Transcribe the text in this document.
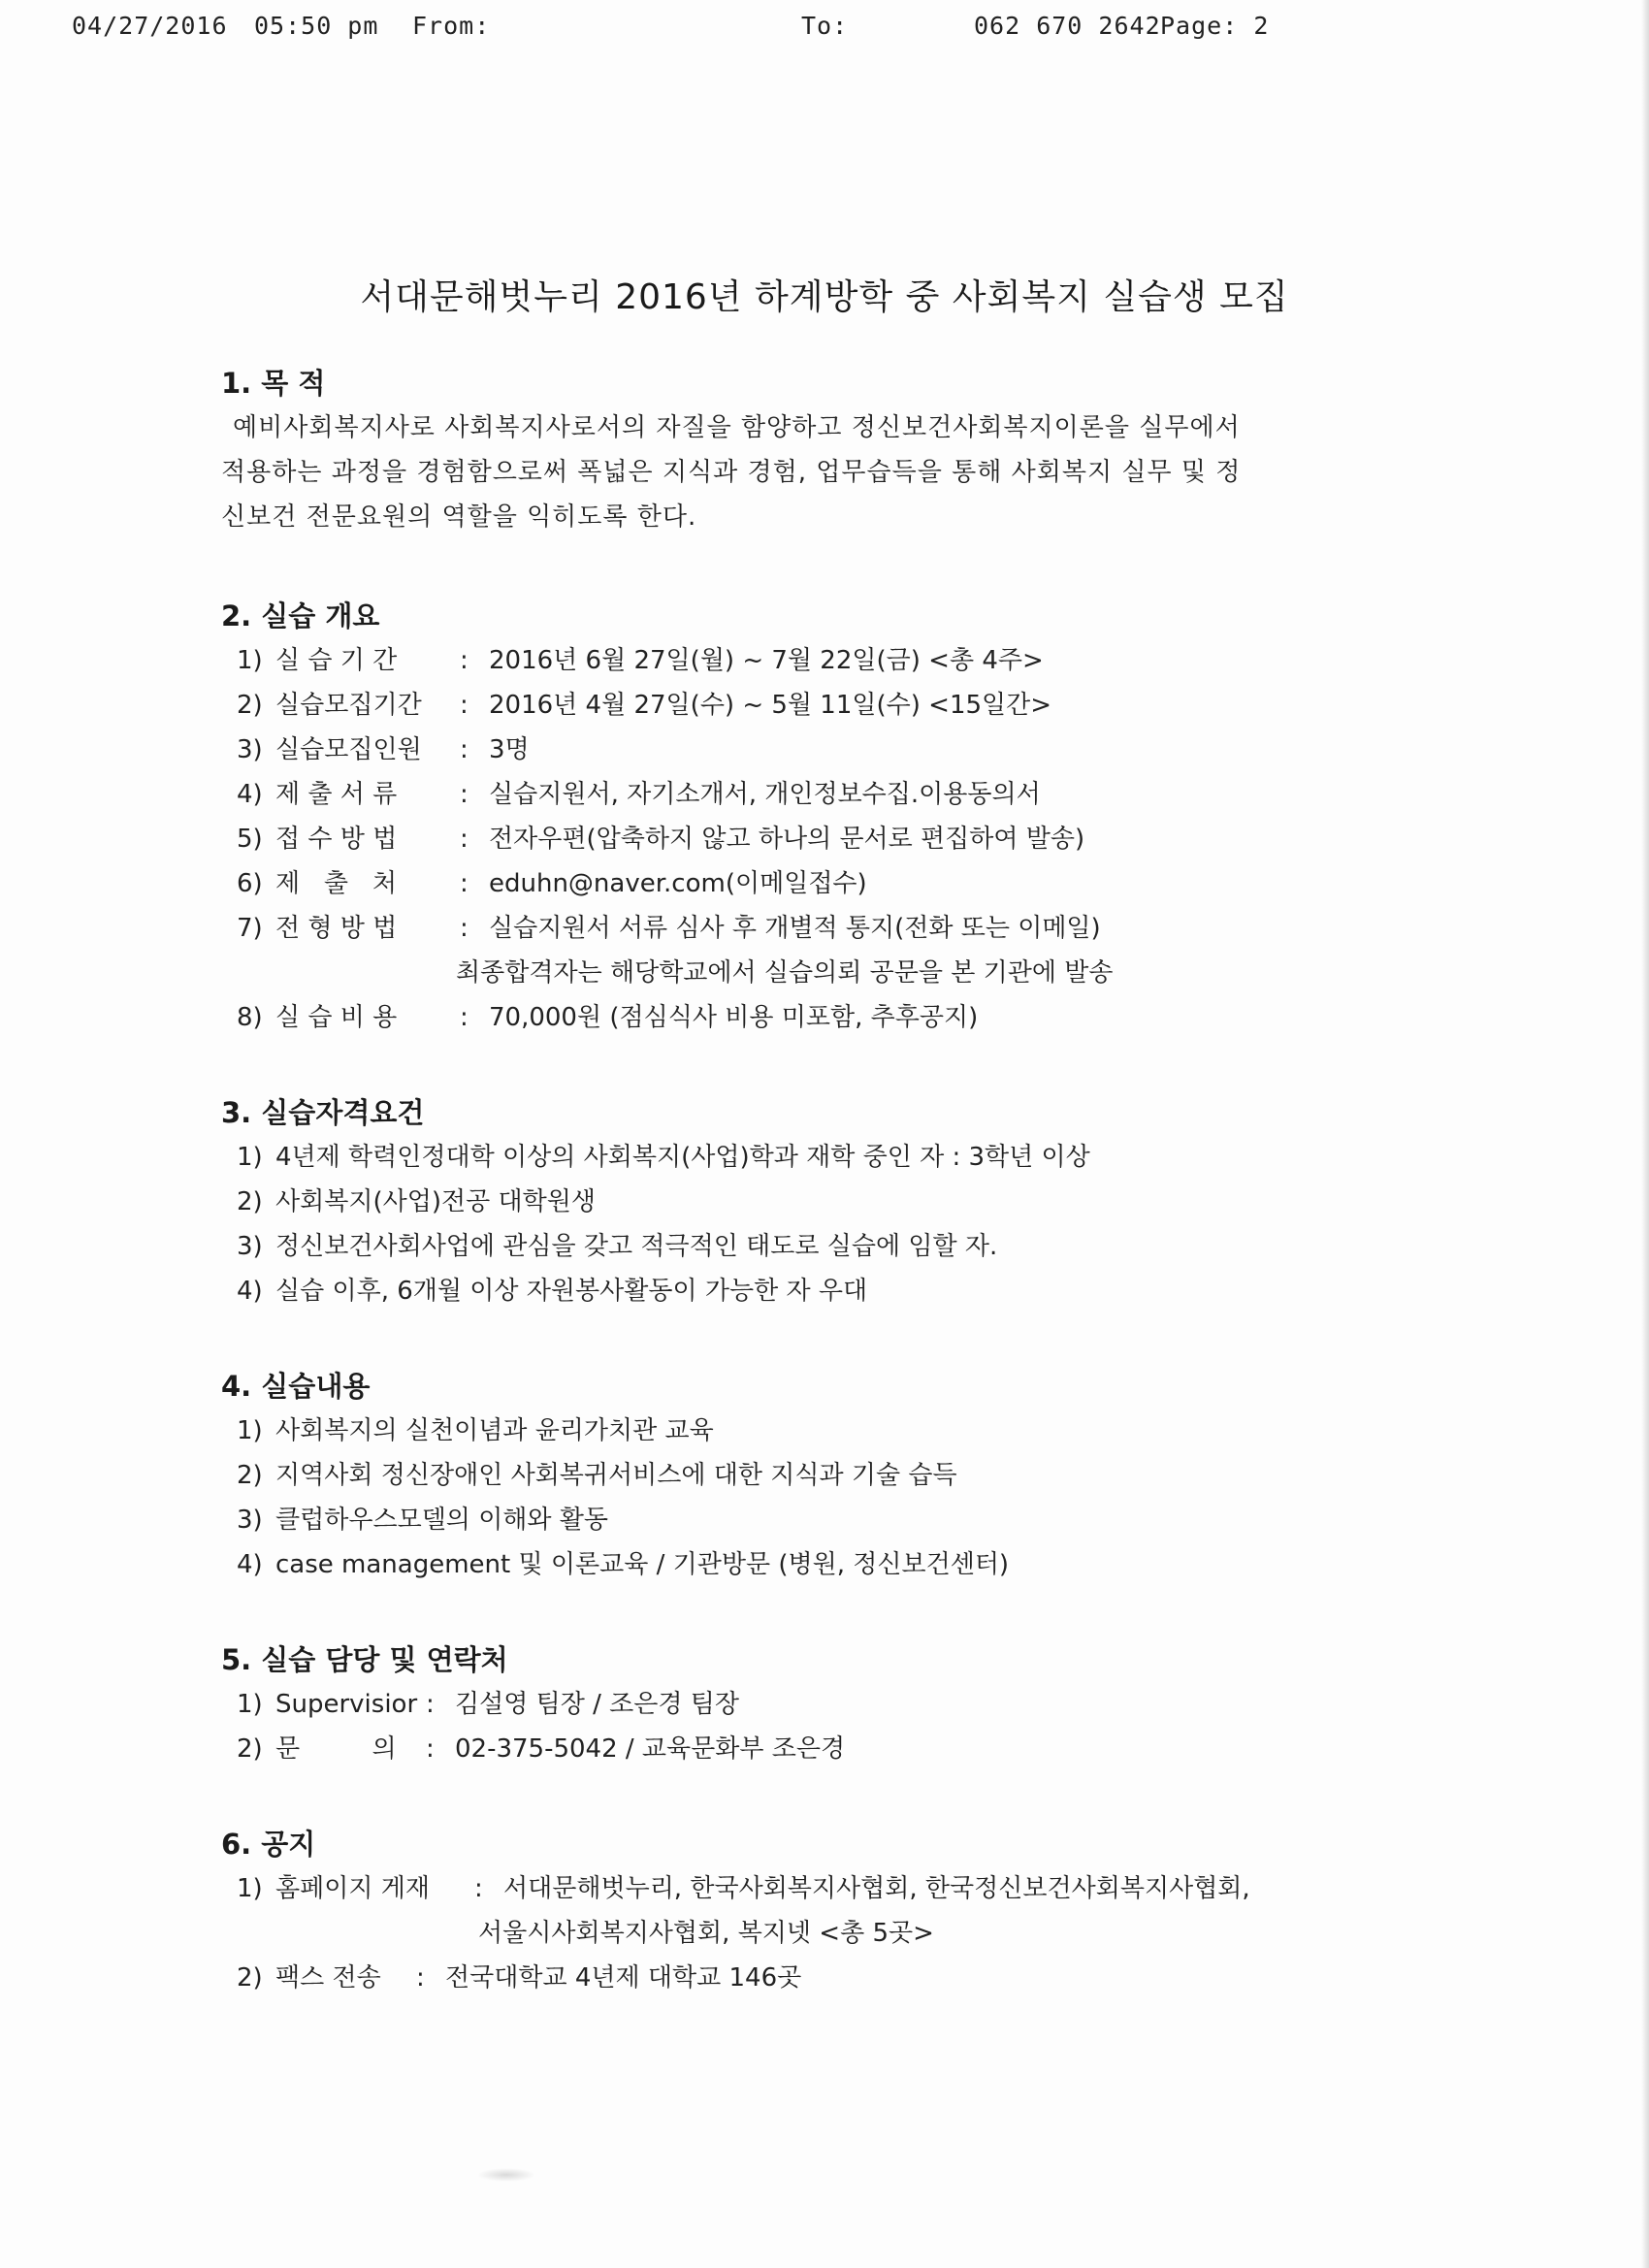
04/27/2016 05:50 pm From:	To:	062 670 2642 Page: 2
서대문해벗누리 2016년 하계방학 중 사회복지 실습생 모집
1. 목 적
예비사회복지사로 사회복지사로서의 자질을 함양하고 정신보건사회복지이론을 실무에서
적용하는 과정을 경험함으로써 폭넓은 지식과 경험, 업무습득을 통해 사회복지 실무 및 정
신보건 전문요원의 역할을 익히도록 한다.
2. 실습 개요
1) 실 습 기 간 : 2016년 6월 27일(월) ~ 7월 22일(금) <총 4주>
2) 실습모집기간 : 2016년 4월 27일(수) ~ 5월 11일(수) <15일간>
3) 실습모집인원 : 3명
4) 제 출 서 류 : 실습지원서, 자기소개서, 개인정보수집.이용동의서
5) 접 수 방 법 : 전자우편(압축하지 않고 하나의 문서로 편집하여 발송)
6) 제   출   처	: eduhn@naver.com(이메일접수)
7) 전 형 방 법 : 실습지원서 서류 심사 후 개별적 통지(전화 또는 이메일)
최종합격자는 해당학교에서 실습의뢰 공문을 본 기관에 발송
8) 실 습 비 용 : 70,000원 (점심식사 비용 미포함, 추후공지)
3. 실습자격요건
1) 4년제 학력인정대학 이상의 사회복지(사업)학과 재학 중인 자 : 3학년 이상
2) 사회복지(사업)전공 대학원생
3) 정신보건사회사업에 관심을 갖고 적극적인 태도로 실습에 임할 자.
4) 실습 이후, 6개월 이상 자원봉사활동이 가능한 자 우대
4. 실습내용
1) 사회복지의 실천이념과 윤리가치관 교육
2) 지역사회 정신장애인 사회복귀서비스에 대한 지식과 기술 습득
3) 클럽하우스모델의 이해와 활동
4) case management 및 이론교육 / 기관방문 (병원, 정신보건센터)
5. 실습 담당 및 연락처
1) Supervisior : 김설영 팀장 / 조은경 팀장
2) 문         의 : 02-375-5042 / 교육문화부 조은경
6. 공지
1) 홈페이지 게재 : 서대문해벗누리, 한국사회복지사협회, 한국정신보건사회복지사협회,
서울시사회복지사협회, 복지넷 <총 5곳>
2) 팩스 전송 : 전국대학교 4년제 대학교 146곳
